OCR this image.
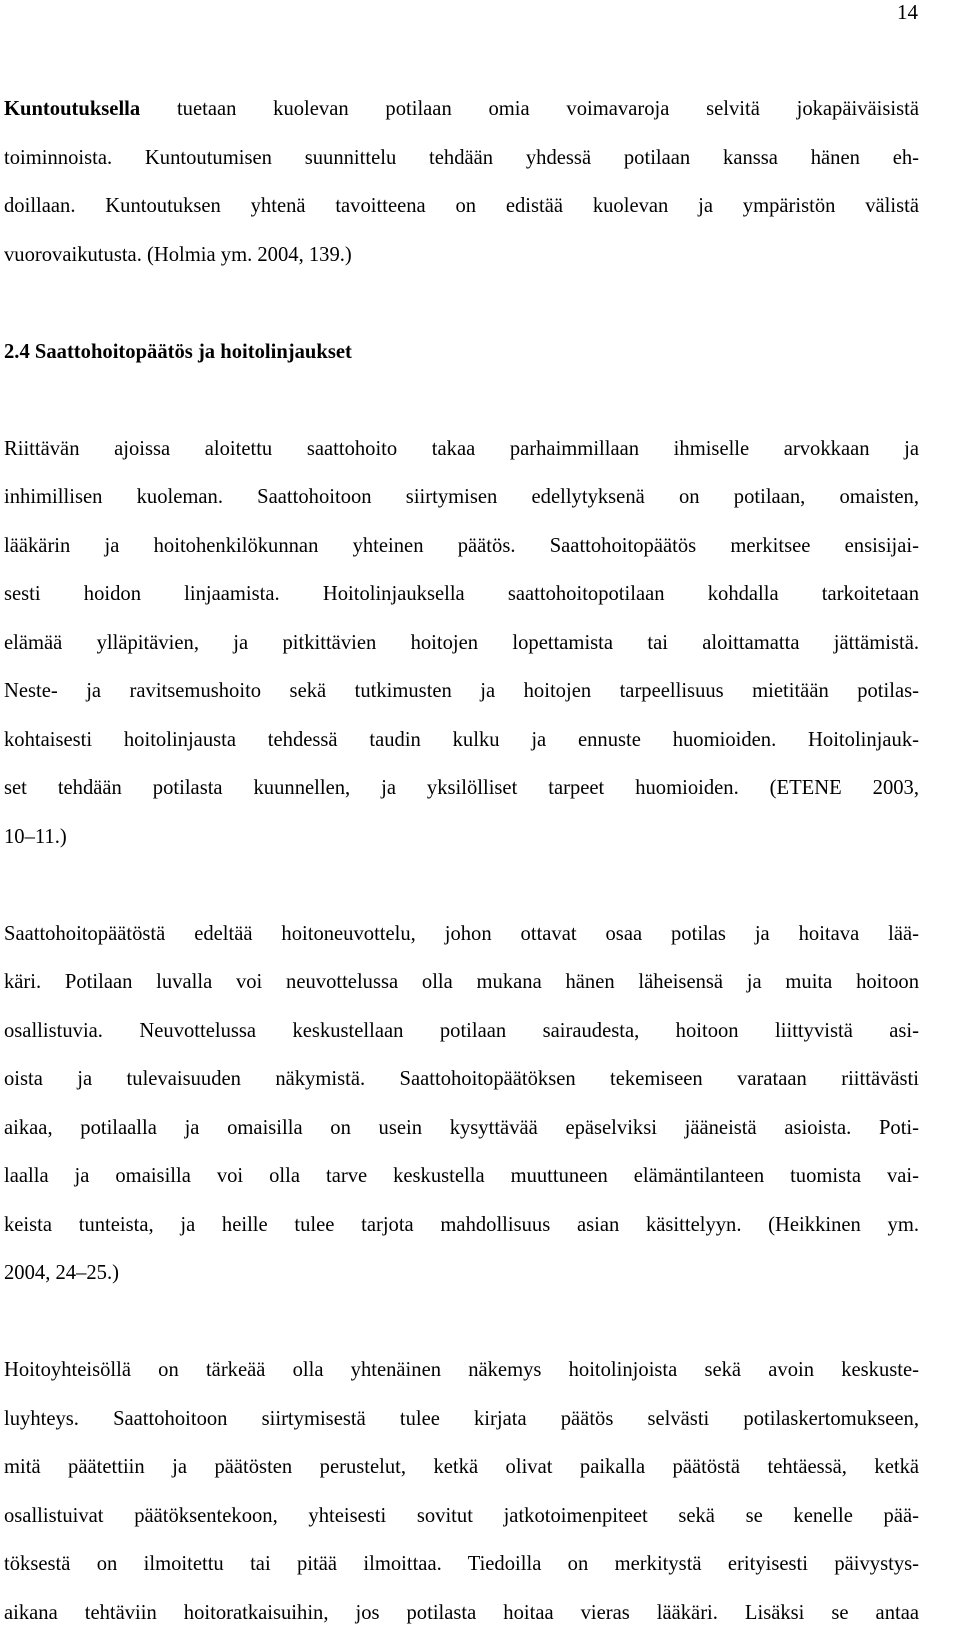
14
Kuntoutuksella tuetaan kuolevan potilaan omia voimavaroja selvitä jokapäiväisistä
toiminnoista. Kuntoutumisen suunnittelu tehdään yhdessä potilaan kanssa hänen eh-
doillaan. Kuntoutuksen yhtenä tavoitteena on edistää kuolevan ja ympäristön välistä
vuorovaikutusta. (Holmia ym. 2004, 139.)
2.4 Saattohoitopäätös ja hoitolinjaukset
Riittävän ajoissa aloitettu saattohoito takaa parhaimmillaan ihmiselle arvokkaan ja
inhimillisen kuoleman. Saattohoitoon siirtymisen edellytyksenä on potilaan, omaisten,
lääkärin ja hoitohenkilökunnan yhteinen päätös. Saattohoitopäätös merkitsee ensisijai-
sesti hoidon linjaamista. Hoitolinjauksella saattohoitopotilaan kohdalla tarkoitetaan
elämää ylläpitävien, ja pitkittävien hoitojen lopettamista tai aloittamatta jättämistä.
Neste- ja ravitsemushoito sekä tutkimusten ja hoitojen tarpeellisuus mietitään potilas-
kohtaisesti hoitolinjausta tehdessä taudin kulku ja ennuste huomioiden. Hoitolinjauk-
set tehdään potilasta kuunnellen, ja yksilölliset tarpeet huomioiden. (ETENE 2003,
10–11.)
Saattohoitopäätöstä edeltää hoitoneuvottelu, johon ottavat osaa potilas ja hoitava lää-
käri. Potilaan luvalla voi neuvottelussa olla mukana hänen läheisensä ja muita hoitoon
osallistuvia. Neuvottelussa keskustellaan potilaan sairaudesta, hoitoon liittyvistä asi-
oista ja tulevaisuuden näkymistä. Saattohoitopäätöksen tekemiseen varataan riittävästi
aikaa, potilaalla ja omaisilla on usein kysyttävää epäselviksi jääneistä asioista. Poti-
laalla ja omaisilla voi olla tarve keskustella muuttuneen elämäntilanteen tuomista vai-
keista tunteista, ja heille tulee tarjota mahdollisuus asian käsittelyyn. (Heikkinen ym.
2004, 24–25.)
Hoitoyhteisöllä on tärkeää olla yhtenäinen näkemys hoitolinjoista sekä avoin keskuste-
luyhteys. Saattohoitoon siirtymisestä tulee kirjata päätös selvästi potilaskertomukseen,
mitä päätettiin ja päätösten perustelut, ketkä olivat paikalla päätöstä tehtäessä, ketkä
osallistuivat päätöksentekoon, yhteisesti sovitut jatkotoimenpiteet sekä se kenelle pää-
töksestä on ilmoitettu tai pitää ilmoittaa. Tiedoilla on merkitystä erityisesti päivystys-
aikana tehtäviin hoitoratkaisuihin, jos potilasta hoitaa vieras lääkäri. Lisäksi se antaa
